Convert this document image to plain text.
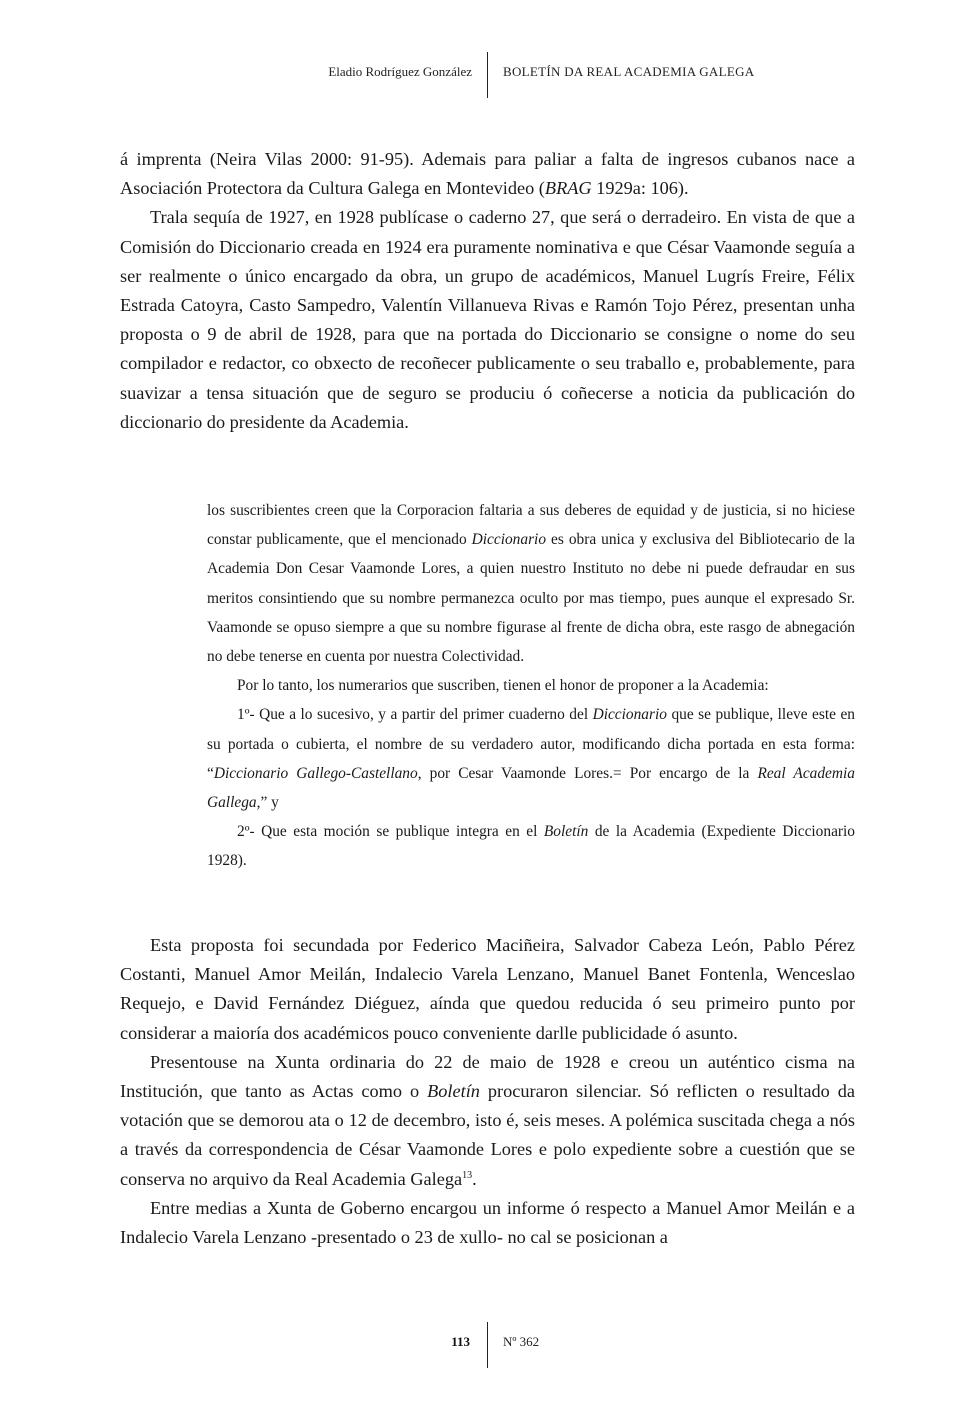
Eladio Rodríguez González BOLETÍN DA REAL ACADEMIA GALEGA

á imprenta (Neira Vilas 2000: 91-95). Ademais para paliar a falta de ingresos cubanos nace a Asociación Protectora da Cultura Galega en Montevideo (BRAG 1929a: 106).

Trala sequía de 1927, en 1928 publícase o caderno 27, que será o derradeiro. En vista de que a Comisión do Diccionario creada en 1924 era puramente nominativa e que César Vaamonde seguía a ser realmente o único encargado da obra, un grupo de académicos, Manuel Lugrís Freire, Félix Estrada Catoyra, Casto Sampedro, Valentín Villanueva Rivas e Ramón Tojo Pérez, presentan unha proposta o 9 de abril de 1928, para que na portada do Diccionario se consigne o nome do seu compilador e redactor, co obxecto de recoñecer publicamente o seu traballo e, probablemente, para suavizar a tensa situación que de seguro se produciu ó coñecerse a noticia da publicación do diccionario do presidente da Academia.

los suscribientes creen que la Corporacion faltaria a sus deberes de equidad y de justicia, si no hiciese constar publicamente, que el mencionado Diccionario es obra unica y exclusiva del Bibliotecario de la Academia Don Cesar Vaamonde Lores, a quien nuestro Instituto no debe ni puede defraudar en sus meritos consintiendo que su nombre permanezca oculto por mas tiempo, pues aunque el expresado Sr. Vaamonde se opuso siempre a que su nombre figurase al frente de dicha obra, este rasgo de abnegación no debe tenerse en cuenta por nuestra Colectividad.

Por lo tanto, los numerarios que suscriben, tienen el honor de proponer a la Academia:

1º- Que a lo sucesivo, y a partir del primer cuaderno del Diccionario que se publique, lleve este en su portada o cubierta, el nombre de su verdadero autor, modificando dicha portada en esta forma: “Diccionario Gallego-Castellano, por Cesar Vaamonde Lores.= Por encargo de la Real Academia Gallega,” y

2º- Que esta moción se publique integra en el Boletín de la Academia (Expediente Diccionario 1928).

Esta proposta foi secundada por Federico Maciñeira, Salvador Cabeza León, Pablo Pérez Costanti, Manuel Amor Meilán, Indalecio Varela Lenzano, Manuel Banet Fontenla, Wenceslao Requejo, e David Fernández Diéguez, aínda que quedou reducida ó seu primeiro punto por considerar a maioría dos académicos pouco conveniente darlle publicidade ó asunto.

Presentouse na Xunta ordinaria do 22 de maio de 1928 e creou un auténtico cisma na Institución, que tanto as Actas como o Boletín procuraron silenciar. Só reflicten o resultado da votación que se demorou ata o 12 de decembro, isto é, seis meses. A polémica suscitada chega a nós a través da correspondencia de César Vaamonde Lores e polo expediente sobre a cuestión que se conserva no arquivo da Real Academia Galega$^{13}$.

Entre medias a Xunta de Goberno encargou un informe ó respecto a Manuel Amor Meilán e a Indalecio Varela Lenzano -presentado o 23 de xullo- no cal se posicionan a

113	Nº 362
